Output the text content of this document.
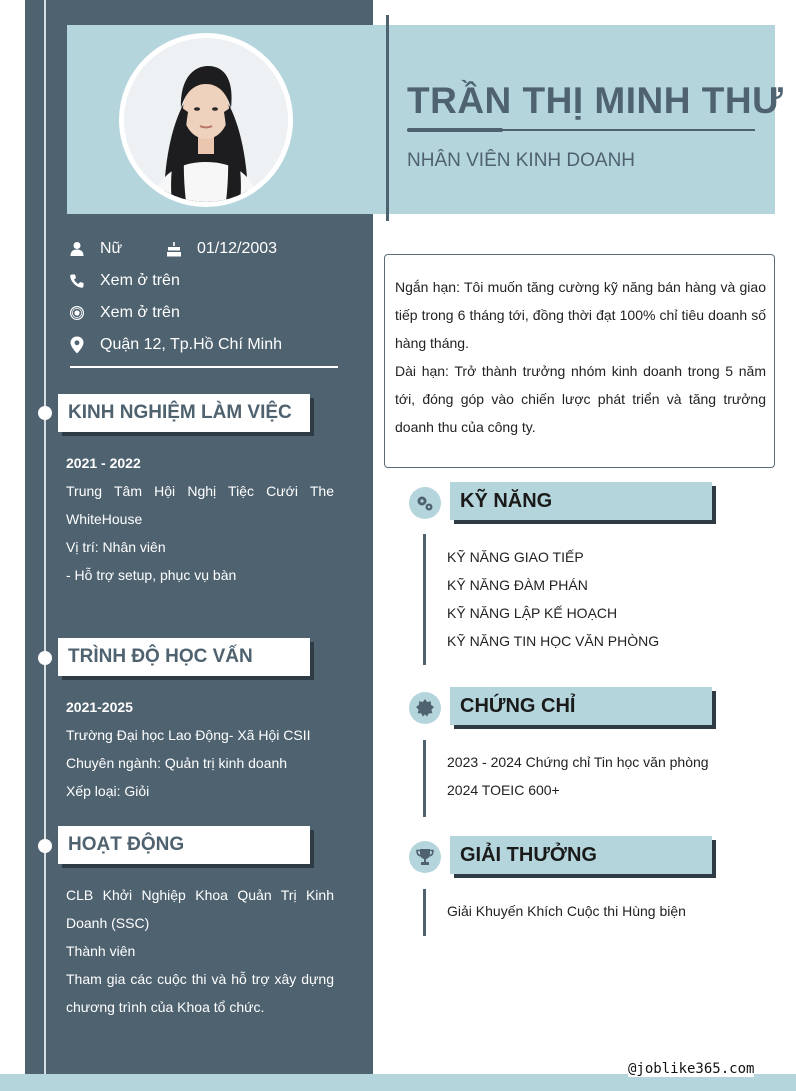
TRẦN THỊ MINH THƯ
NHÂN VIÊN KINH DOANH
Nữ	01/12/2003
Xem ở trên
Xem ở trên
Quận 12, Tp.Hồ Chí Minh
KINH NGHIỆM LÀM VIỆC
2021 - 2022
Trung Tâm Hội Nghị Tiệc Cưới The WhiteHouse
Vị trí: Nhân viên
- Hỗ trợ setup, phục vụ bàn
TRÌNH ĐỘ HỌC VẤN
2021-2025
Trường Đại học Lao Động- Xã Hội CSII
Chuyên ngành: Quản trị kinh doanh
Xếp loại: Giỏi
HOẠT ĐỘNG
CLB Khởi Nghiệp Khoa Quản Trị Kinh Doanh (SSC)
Thành viên
Tham gia các cuộc thi và hỗ trợ xây dựng chương trình của Khoa tổ chức.
Ngắn hạn: Tôi muốn tăng cường kỹ năng bán hàng và giao tiếp trong 6 tháng tới, đồng thời đạt 100% chỉ tiêu doanh số hàng tháng.
Dài hạn: Trở thành trưởng nhóm kinh doanh trong 5 năm tới, đóng góp vào chiến lược phát triển và tăng trưởng doanh thu của công ty.
KỸ NĂNG
KỸ NĂNG GIAO TIẾP
KỸ NĂNG ĐÀM PHÁN
KỸ NĂNG LẬP KẾ HOẠCH
KỸ NĂNG TIN HỌC VĂN PHÒNG
CHỨNG CHỈ
2023 - 2024 Chứng chỉ Tin học văn phòng
2024 TOEIC 600+
GIẢI THƯỞNG
Giải Khuyến Khích Cuộc thi Hùng biện
@joblike365.com
